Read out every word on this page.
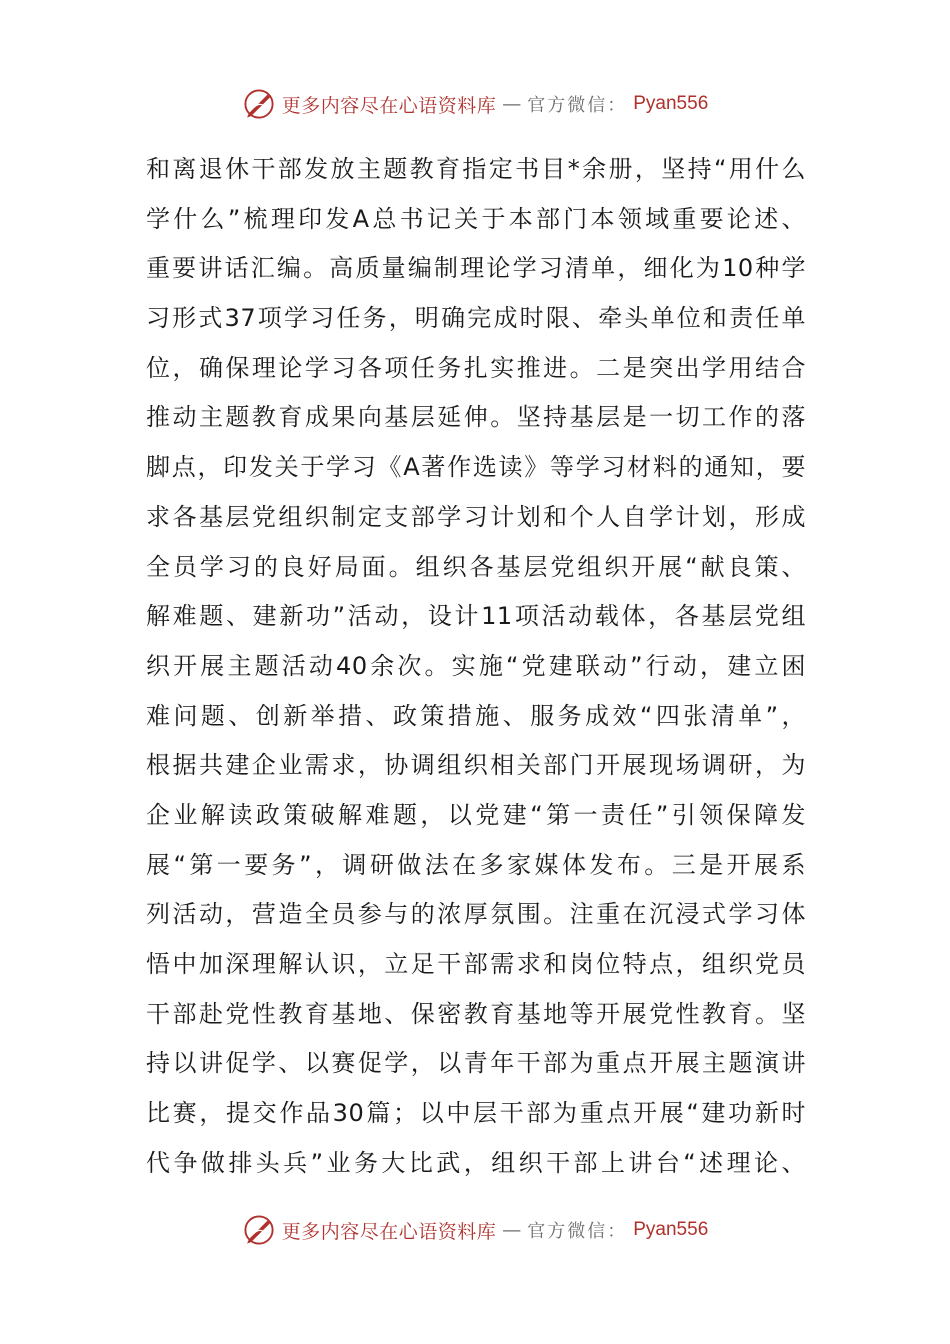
更多内容尽在心语资料库 — 官方微信： Pyan556
和离退休干部发放主题教育指定书目*余册，坚持“用什么
学什么”梳理印发A总书记关于本部门本领域重要论述、
重要讲话汇编。高质量编制理论学习清单，细化为10种学
习形式37项学习任务，明确完成时限、牵头单位和责任单
位，确保理论学习各项任务扎实推进。二是突出学用结合
推动主题教育成果向基层延伸。坚持基层是一切工作的落
脚点，印发关于学习《A著作选读》等学习材料的通知，要
求各基层党组织制定支部学习计划和个人自学计划，形成
全员学习的良好局面。组织各基层党组织开展“献良策、
解难题、建新功”活动，设计11项活动载体，各基层党组
织开展主题活动40余次。实施“党建联动”行动，建立困
难问题、创新举措、政策措施、服务成效“四张清单”，
根据共建企业需求，协调组织相关部门开展现场调研，为
企业解读政策破解难题，以党建“第一责任”引领保障发
展“第一要务”，调研做法在多家媒体发布。三是开展系
列活动，营造全员参与的浓厚氛围。注重在沉浸式学习体
悟中加深理解认识，立足干部需求和岗位特点，组织党员
干部赴党性教育基地、保密教育基地等开展党性教育。坚
持以讲促学、以赛促学，以青年干部为重点开展主题演讲
比赛，提交作品30篇；以中层干部为重点开展“建功新时
代争做排头兵”业务大比武，组织干部上讲台“述理论、
更多内容尽在心语资料库 — 官方微信： Pyan556
